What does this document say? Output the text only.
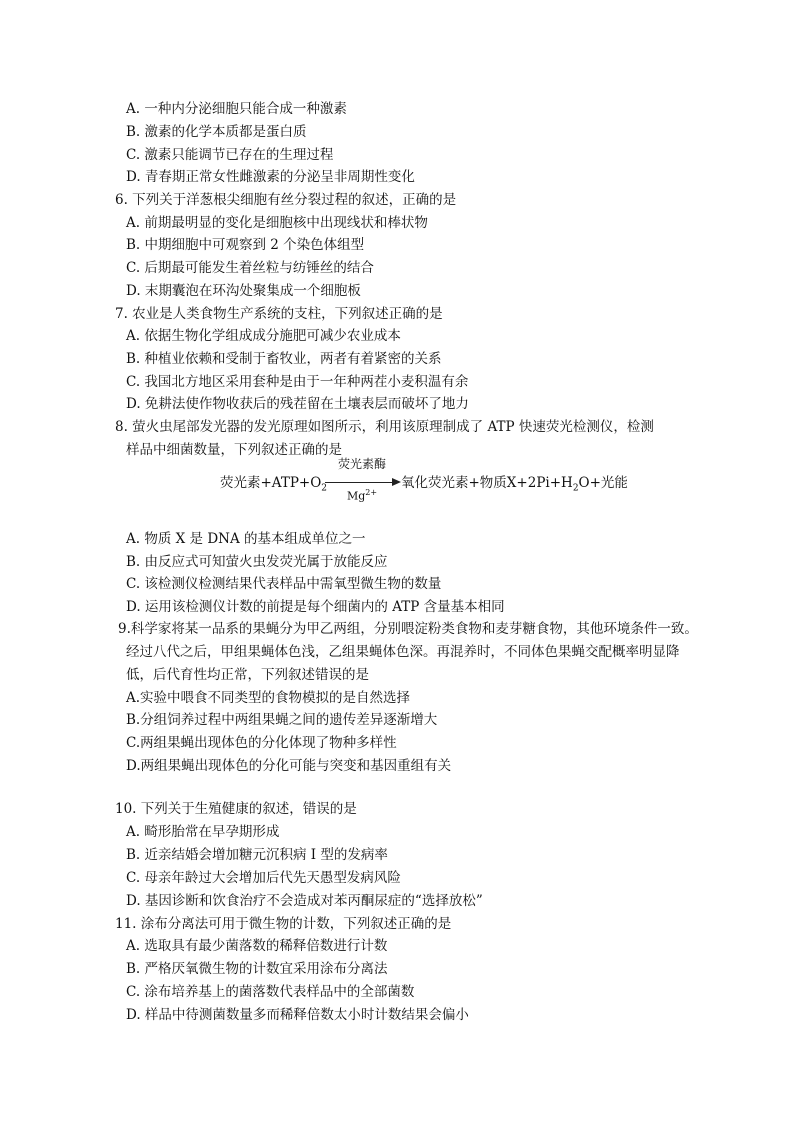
A. 一种内分泌细胞只能合成一种激素
B. 激素的化学本质都是蛋白质
C. 激素只能调节已存在的生理过程
D. 青春期正常女性雌激素的分泌呈非周期性变化
6. 下列关于洋葱根尖细胞有丝分裂过程的叙述，正确的是
A. 前期最明显的变化是细胞核中出现线状和棒状物
B. 中期细胞中可观察到 2 个染色体组型
C. 后期最可能发生着丝粒与纺锤丝的结合
D. 末期囊泡在环沟处聚集成一个细胞板
7. 农业是人类食物生产系统的支柱，下列叙述正确的是
A. 依据生物化学组成成分施肥可减少农业成本
B. 种植业依赖和受制于畜牧业，两者有着紧密的关系
C. 我国北方地区采用套种是由于一年种两茬小麦积温有余
D. 免耕法使作物收获后的残茬留在土壤表层而破坏了地力
8. 萤火虫尾部发光器的发光原理如图所示，利用该原理制成了 ATP 快速荧光检测仪，检测
样品中细菌数量，下列叙述正确的是
荧光素$+ATP+O_2$
荧光素酶
$Mg^{2+}$
氧化荧光素+物质$X+2Pi+H_2O+$光能
A. 物质 X 是 DNA 的基本组成单位之一
B. 由反应式可知萤火虫发荧光属于放能反应
C. 该检测仪检测结果代表样品中需氧型微生物的数量
D. 运用该检测仪计数的前提是每个细菌内的 ATP 含量基本相同
9.科学家将某一品系的果蝇分为甲乙两组，分别喂淀粉类食物和麦芽糖食物，其他环境条件一致。
经过八代之后，甲组果蝇体色浅，乙组果蝇体色深。再混养时，不同体色果蝇交配概率明显降
低，后代育性均正常，下列叙述错误的是
A.实验中喂食不同类型的食物模拟的是自然选择
B.分组饲养过程中两组果蝇之间的遗传差异逐渐增大
C.两组果蝇出现体色的分化体现了物种多样性
D.两组果蝇出现体色的分化可能与突变和基因重组有关
10. 下列关于生殖健康的叙述，错误的是
A. 畸形胎常在早孕期形成
B. 近亲结婚会增加糖元沉积病 I 型的发病率
C. 母亲年龄过大会增加后代先天愚型发病风险
D. 基因诊断和饮食治疗不会造成对苯丙酮尿症的“选择放松”
11. 涂布分离法可用于微生物的计数，下列叙述正确的是
A. 选取具有最少菌落数的稀释倍数进行计数
B. 严格厌氧微生物的计数宜采用涂布分离法
C. 涂布培养基上的菌落数代表样品中的全部菌数
D. 样品中待测菌数量多而稀释倍数太小时计数结果会偏小
